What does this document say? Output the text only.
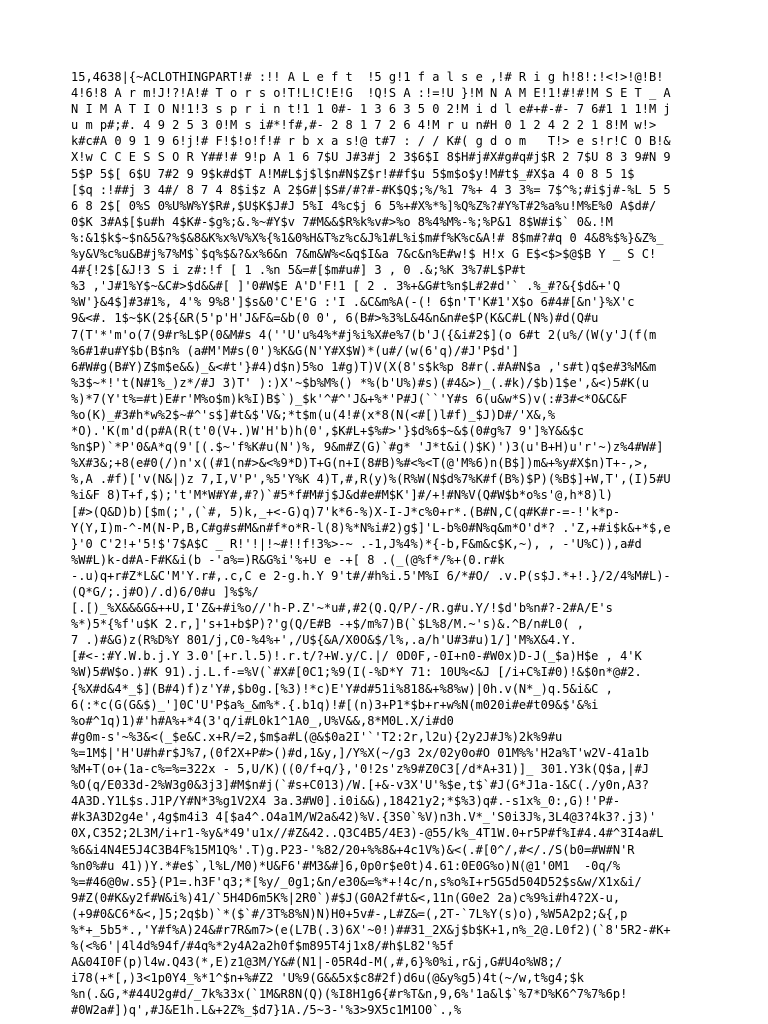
15,4638|{~ACLOTHINGPART!# :!! A L e f t  !5 g!1 f a l s e ,!# R i g h!8!:!<!>!@!B!
4!6!8 A r m!J!?!A!# T o r s o!T!L!C!E!G  !Q!S A :!=!U }!M N A M E!1!#!#!M S E T _ A
N I M A T I O N!1!3 s p r i n t!1 1 0#- 1 3 6 3 5 0 2!M i d l e#+#-#- 7 6#1 1 1!M j
u m p#;#. 4 9 2 5 3 0!M s i#*!f#,#- 2 8 1 7 2 6 4!M r u n#H 0 1 2 4 2 2 1 8!M w!>
k#c#A 0 9 1 9 6!j!# F!$!o!f!# r b x a s!@ t#7 : / / K#( g d o m   T!> e s!r!C O B!&
X!w C C E S S O R Y##!# 9!p A 1 6 7$U J#3#j 2 3$6$I 8$H#j#X#g#q#j$R 2 7$U 8 3 9#N 9
5$P 5$[ 6$U 7#2 9 9$k#d$T A!M#L$j$l$n#N$Z$r!##f$u 5$m$o$y!M#t$_#X$a 4 0 8 5 1$
[$q :!##j 3 4#/ 8 7 4 8$i$z A 2$G#|$S#/#?#-#K$Q$;%/%1 7%+ 4 3 3%= 7$^%;#i$j#-%L 5 5
6 8 2$[ 0%S 0%U%W%Y$R#,$U$K$J#J 5%I 4%c$j 6 5%+#X%*%]%Q%Z%?#Y%T#2%a%u!M%E%0 A$d#/
0$K 3#A$[$u#h 4$K#-$g%;&.%~#Y$v 7#M&&$R%k%v#>%o 8%4%M%-%;%P&1 8$W#i$` 0&.!M
%:&1$k$~$n&5&?%$&8&K%x%V%X%{%1&0%H&T%z%c&J%1#L%i$m#f%K%c&A!# 8$m#?#q 0 4&8%$%}&Z%_
%y&V%c%u&B#j%7%M$`$q%$&?&x%6&n 7&m&W%<&q$I&a 7&c&n%E#w!$ H!x G E$<$>$@$B Y _ S C!
4#{!2$[&J!3 S i z#:!f [ 1 .%n 5&=#[$m#u#] 3 , 0 .&;%K 3%7#L$P#t
%3 ,'J#1%Y$~&C#>$d&&#[ ]'0#W$E A'D'F!1 [ 2 . 3%+&G#t%n$L#2#d'` .%_#?&{$d&+'Q
%W'}&4$]#3#1%, 4'% 9%8']$s&0'C'E'G :'I .&C&m%A(-(! 6$n'T'K#1'X$o 6#4#[&n'}%X'c
9&<#. 1$~$K(2${&R(5'p'H'J&F&=&b(0 0', 6(B#>%3%L&4&n&n#e$P(K&C#L(N%)#d(Q#u
7(T'*'m'o(7(9#r%L$P(0&M#s 4(''U'u%4%*#j%i%X#e%7(b'J({&i#2$](o 6#t 2(u%/(W(y'J(f(m
%6#1#u#Y$b(B$n% (a#M'M#s(0')%K&G(N'Y#X$W)*(u#/(w(6'q)/#J'P$d']
6#W#g(B#Y)Z$m$e&&)_&<#t'}#4)d$n)5%o 1#g)T)V(X(8's$k%p 8#r(.#A#N$a ,'s#t)q$e#3%M&m
%3$~*!'t(N#1%_)z*/#J 3)T' ):)X'~$b%M%() *%(b'U%)#s)(#4&>)_(.#k)/$b)1$e',&<)5#K(u
%)*7(Y't%=#t)E#r'M%o$m)k%I)B$`)_$k'^#^'J&+%*'P#J(``'Y#s 6(u&w*S)v(:#3#<*O&C&F
%o(K)_#3#h*w%2$~#^'s$]#t&$'V&;*t$m(u(4!#(x*8(N(<#[)l#f)_$J)D#/'X&,%
*O).'K(m'd(p#A(R(t'0(V+.)W'H'b)h(0',$K#L+$%#>'}$d%6$~&$(0#g%7 9']%Y&&$c
%n$P)`*P'0&A*q(9'[(.$~'f%K#u(N')%, 9&m#Z(G)`#g* 'J*t&i()$K)')3(u'B+H)u'r'~)z%4#W#]
%X#3&;+8(e#0(/)n'x((#1(n#>&<%9*D)T+G(n+I(8#B)%#<%<T(@'M%6)n(B$])m&+%y#X$n)T+-,>,
%,A .#f)['v(N&|)z 7,I,V'P',%5'Y%K 4)T,#,R(y)%(R%W(N$d%7%K#f(B%)$P)(%B$]+W,T',(I)5#U
%i&F 8)T+f,$);'t'M*W#Y#,#?)`#5*f#M#j$J&d#e#M$K']#/+!#N%V(Q#W$b*o%s'@,h*8)l)
[#>(Q&D)b)[$m(;',(`#, 5)k,_+<-G)q)7'k*6-%)X-I-J*c%0+r*.(B#N,C(q#K#r-=-!'k*p-
Y(Y,I)m-^-M(N-P,B,C#g#s#M&n#f*o*R-l(8)%*N%i#2)g$]'L-b%0#N%q&m*O'd*? .'Z,+#i$k&+*$,e
}'0 C'2!+'5!$'7$A$C _ R!'!|!~#!!f!3%>-~ .-1,J%4%)*{-b,F&m&c$K,~), , -'U%C)),a#d
%W#L)k-d#A-F#K&i(b -'a%=)R&G%i'%+U e -+[ 8 .(_(@%f*/%+(0.r#k
-.u)q+r#Z*L&C'M'Y.r#,.c,C e 2-g.h.Y 9't#/#h%i.5'M%I 6/*#O/ .v.P(s$J.*+!.}/2/4%M#L)-
(Q*G/;.j#O)/.d)6/0#u ]%$%/
[.[)_%X&&&G&++U,I'Z&+#i%o//'h-P.Z'~*u#,#2(Q.Q/P/-/R.g#u.Y/!$d'b%n#?-2#A/E's
%*)5*{%f'u$K 2.r,]'s+1+b$P)?'g(Q/E#B -+$/m%7)B(`$L%8/M.~'s)&.^B/n#L0( ,
7 .)#&G)z(R%D%Y 801/j,C0-%4%+',/U${&A/X0O&$/l%,.a/h'U#3#u)1/]'M%X&4.Y.
[#<-:#Y.W.b.j.Y 3.0'[+r.l.5)!.r.t/?+W.y/C.|/ 0D0F,-0I+n0-#W0x)D-J(_$a)H$e , 4'K
%W)5#W$o.)#K 91).j.L.f-=%V(`#X#[0C1;%9(I(-%D*Y 71: 10U%<&J [/i+C%I#0)!&$0n*@#2.
{%X#d&4*_$](B#4)f)z'Y#,$b0g.[%3)!*c)E'Y#d#51i%818&+%8%w)|0h.v(N*_)q.5&i&C ,
6(:*c(G(G&$)_']0C'U'P$a%_&m%*.{.b1q)!#[(n)3+P1*$b+r+w%N(m020i#e#t09&$'&%i
%o#^1q)1)#'h#A%+*4(3'q/i#L0k1^1A0_,U%V&&,8*M0L.X/i#d0
#g0m-s'~%3&<(_$e&C.x+R/=2,$m$a#L(@&$0a2I'`'T2:2r,l2u){2y2J#J%)2k%9#u
%=1M$|'H'U#h#r$J%7,(0f2X+P#>()#d,1&y,]/Y%X(~/g3 2x/02y0o#O 01M%%'H2a%T'w2V-41a1b
%M+T(o+(1a-c%=%=322x - 5,U/K)((0/f+q/},'0!2s'z%9#Z0C3[/d*A+31)]_ 301.Y3k(Q$a,|#J
%O(q/E033d-2%W3g0&3j3]#M$n#j(`#s+C013)/W.[+&-v3X'U'%$e,t$`#J(G*J1a-1&C(./y0n,A3?
4A3D.Y1L$s.J1P/Y#N*3%g1V2X4 3a.3#W0].i0i&&),18421y2;*$%3)q#.-s1x%_0:,G)!'P#-
#k3A3D2g4e',4g$m4i3 4[$a4^.O4a1M/W2a&42)%V.{3S0`%V)n3h.V*_'S0i3J%,3L4@3?4k3?.j3)'
0X,C352;2L3M/i+r1-%y&*49'u1x//#Z&42..Q3C4B5/4E3)-@55/k%_4T1W.0+r5P#f%I#4.4#^3I4a#L
%6&i4N4E5J4C3B4F%15M1Q%'.T)g.P23-'%82/20+%%8&+4c1V%)&<(.#[0^/,#</./S(b0=#W#N'R
%n0%#u 41))Y.*#e$`,l%L/M0)*U&F6'#M3&#]6,0p0r$e0t)4.61:0E0G%o)N(@1'0M1  -0q/%
%=#46@0w.s5}(P1=.h3F'q3;*[%y/_0g1;&n/e30&=%*+!4c/n,s%o%I+r5G5d504D52$s&w/X1x&i/
9#Z(0#K&y2f#W&i%)41/`5H4D6m5K%|2R0`)#$J(G0A2f#t&<,11n(G0e2 2a)c%9%i#h4?2X-u,
(+9#0&C6*&<,]5;2q$b)`*($`#/3T%8%N)N)H0+5v#-,L#Z&=(,2T-`7L%Y(s)o),%W5A2p2;&{,p
%*+_5b5*.,'Y#f%A)24&#r7R&m7>(e(L7B(.3)6X'~0!)##31_2X&j$b$K+1,n%_2@.L0f2)(`8'5R2-#K+
%(<%6'|4l4d%94f/#4q%*2y4A2a2h0f$m895T4j1x8/#h$L82'%5f
A&04I0F(p)l4w.Q43(*,E)z1@3M/Y&#(N1|-05R4d-M(,#,6}%0%i,r&j,G#U4o%W8;/
i78(+*[,)3<1p0Y4_%*1^$n+%#Z2 'U%9(G&&5x$c8#2f)d6u(@&y%g5)4t(~/w,t%g4;$k
%n(.&G,*#44U2g#d/_7k%33x(`1M&R8N(Q)(%I8H1g6{#r%T&n,9,6%'1a&l$`%7*D%K6^7%7%6p!
#0W2a#])q',#J&E1h.L&+2Z%_$d7}1A./5~3-'%3>9X5c1M1O0`.,%
